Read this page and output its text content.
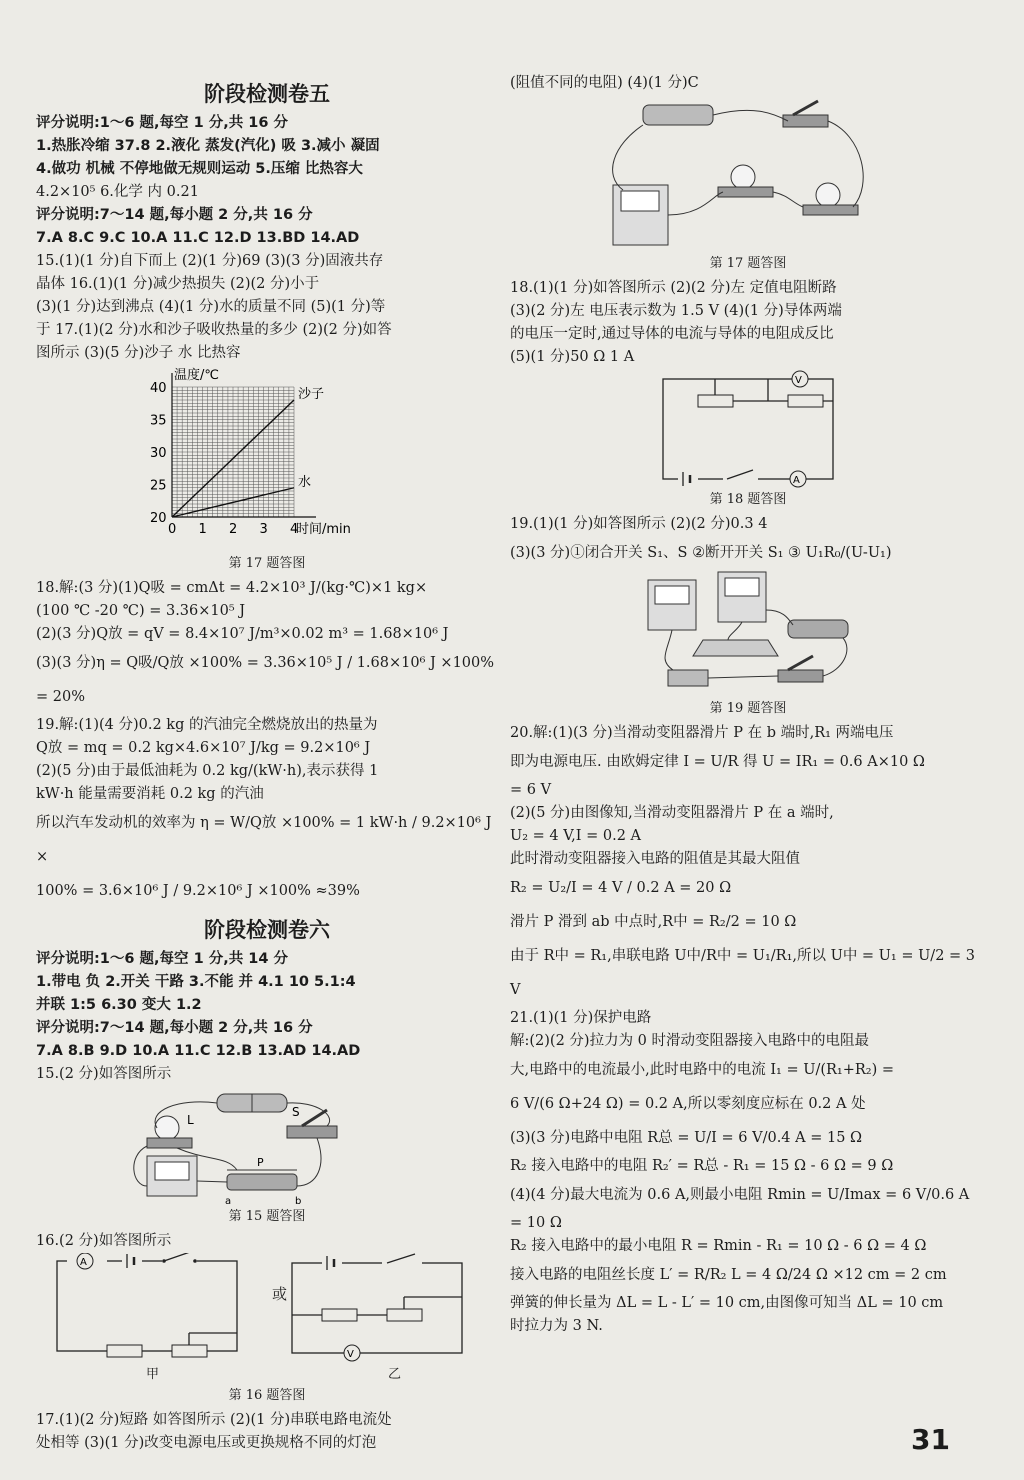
阶段检测卷五
评分说明:1～6 题,每空 1 分,共 16 分
1.热胀冷缩 37.8 2.液化 蒸发(汽化) 吸 3.减小 凝固
4.做功 机械 不停地做无规则运动 5.压缩 比热容大
4.2×10⁵ 6.化学 内 0.21
评分说明:7～14 题,每小题 2 分,共 16 分
7.A 8.C 9.C 10.A 11.C 12.D 13.BD 14.AD
15.(1)(1 分)自下而上 (2)(1 分)69 (3)(3 分)固液共存
晶体 16.(1)(1 分)减少热损失 (2)(2 分)小于
(3)(1 分)达到沸点 (4)(1 分)水的质量不同 (5)(1 分)等
于 17.(1)(2 分)水和沙子吸收热量的多少 (2)(2 分)如答
图所示 (3)(5 分)沙子 水 比热容
0 1 2 3 4
20
25
30
35
40
温度/℃
时间/min
沙子
水
第 17 题答图
18.解:(3 分)(1)Q吸 = cmΔt = 4.2×10³ J/(kg·℃)×1 kg×
(100 ℃ -20 ℃) = 3.36×10⁵ J
(2)(3 分)Q放 = qV = 8.4×10⁷ J/m³×0.02 m³ = 1.68×10⁶ J
(3)(3 分)η = Q吸/Q放 ×100% = 3.36×10⁵ J / 1.68×10⁶ J ×100% = 20%
19.解:(1)(4 分)0.2 kg 的汽油完全燃烧放出的热量为
Q放 = mq = 0.2 kg×4.6×10⁷ J/kg = 9.2×10⁶ J
(2)(5 分)由于最低油耗为 0.2 kg/(kW·h),表示获得 1
kW·h 能量需要消耗 0.2 kg 的汽油
所以汽车发动机的效率为 η = W/Q放 ×100% = 1 kW·h / 9.2×10⁶ J ×
100% = 3.6×10⁶ J / 9.2×10⁶ J ×100% ≈39%
阶段检测卷六
评分说明:1～6 题,每空 1 分,共 14 分
1.带电 负 2.开关 干路 3.不能 并 4.1 10 5.1:4
并联 1:5 6.30 变大 1.2
评分说明:7～14 题,每小题 2 分,共 16 分
7.A 8.B 9.D 10.A 11.C 12.B 13.AD 14.AD
15.(2 分)如答图所示
L
S
P
a	b
第 15 题答图
16.(2 分)如答图所示
A
V
甲
或
乙
第 16 题答图
17.(1)(2 分)短路 如答图所示 (2)(1 分)串联电路电流处
处相等 (3)(1 分)改变电源电压或更换规格不同的灯泡
(阻值不同的电阻) (4)(1 分)C
第 17 题答图
18.(1)(1 分)如答图所示 (2)(2 分)左 定值电阻断路
(3)(2 分)左 电压表示数为 1.5 V (4)(1 分)导体两端
的电压一定时,通过导体的电流与导体的电阻成反比
(5)(1 分)50 Ω 1 A
V
A
第 18 题答图
19.(1)(1 分)如答图所示 (2)(2 分)0.3 4
(3)(3 分)①闭合开关 S₁、S ②断开开关 S₁ ③ U₁R₀/(U-U₁)
第 19 题答图
20.解:(1)(3 分)当滑动变阻器滑片 P 在 b 端时,R₁ 两端电压
即为电源电压. 由欧姆定律 I = U/R 得 U = IR₁ = 0.6 A×10 Ω
= 6 V
(2)(5 分)由图像知,当滑动变阻器滑片 P 在 a 端时,
U₂ = 4 V,I = 0.2 A
此时滑动变阻器接入电路的阻值是其最大阻值
R₂ = U₂/I = 4 V / 0.2 A = 20 Ω
滑片 P 滑到 ab 中点时,R中 = R₂/2 = 10 Ω
由于 R中 = R₁,串联电路 U中/R中 = U₁/R₁,所以 U中 = U₁ = U/2 = 3 V
21.(1)(1 分)保护电路
解:(2)(2 分)拉力为 0 时滑动变阻器接入电路中的电阻最
大,电路中的电流最小,此时电路中的电流 I₁ = U/(R₁+R₂) =
6 V/(6 Ω+24 Ω) = 0.2 A,所以零刻度应标在 0.2 A 处
(3)(3 分)电路中电阻 R总 = U/I = 6 V/0.4 A = 15 Ω
R₂ 接入电路中的电阻 R₂′ = R总 - R₁ = 15 Ω - 6 Ω = 9 Ω
(4)(4 分)最大电流为 0.6 A,则最小电阻 Rmin = U/Imax = 6 V/0.6 A
= 10 Ω
R₂ 接入电路中的最小电阻 R = Rmin - R₁ = 10 Ω - 6 Ω = 4 Ω
接入电路的电阻丝长度 L′ = R/R₂ L = 4 Ω/24 Ω ×12 cm = 2 cm
弹簧的伸长量为 ΔL = L - L′ = 10 cm,由图像可知当 ΔL = 10 cm
时拉力为 3 N.
31
